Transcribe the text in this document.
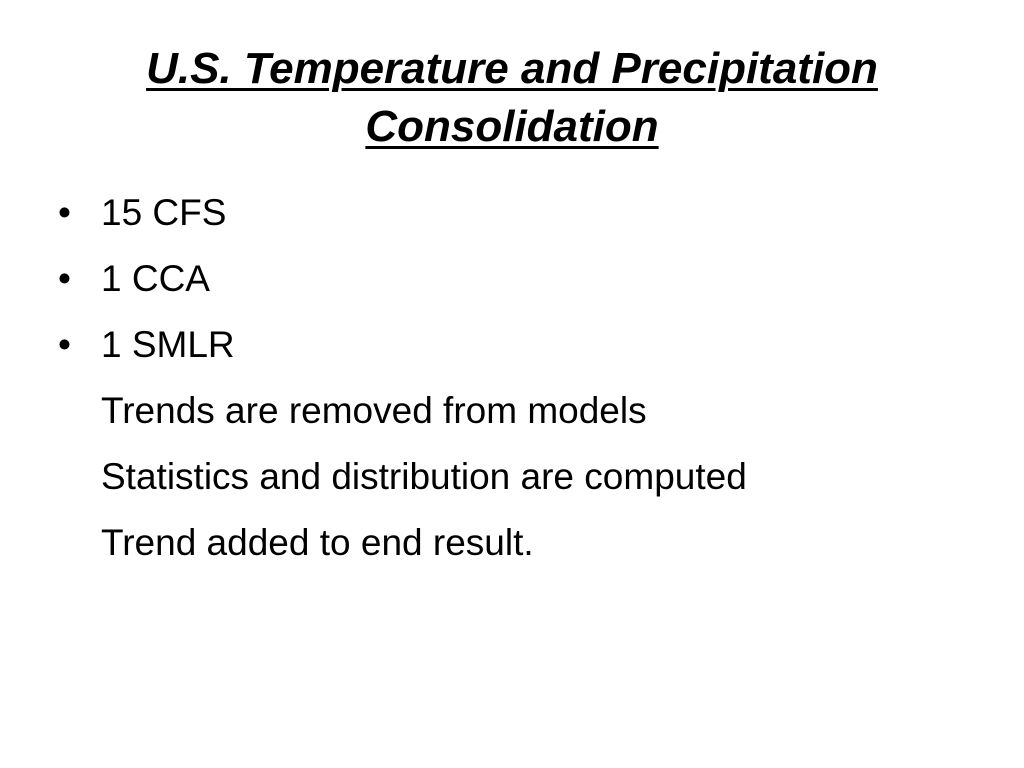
U.S. Temperature and Precipitation
Consolidation
• 15 CFS
• 1 CCA
• 1 SMLR
Trends are removed from models
Statistics and distribution are computed
Trend added to end result.
